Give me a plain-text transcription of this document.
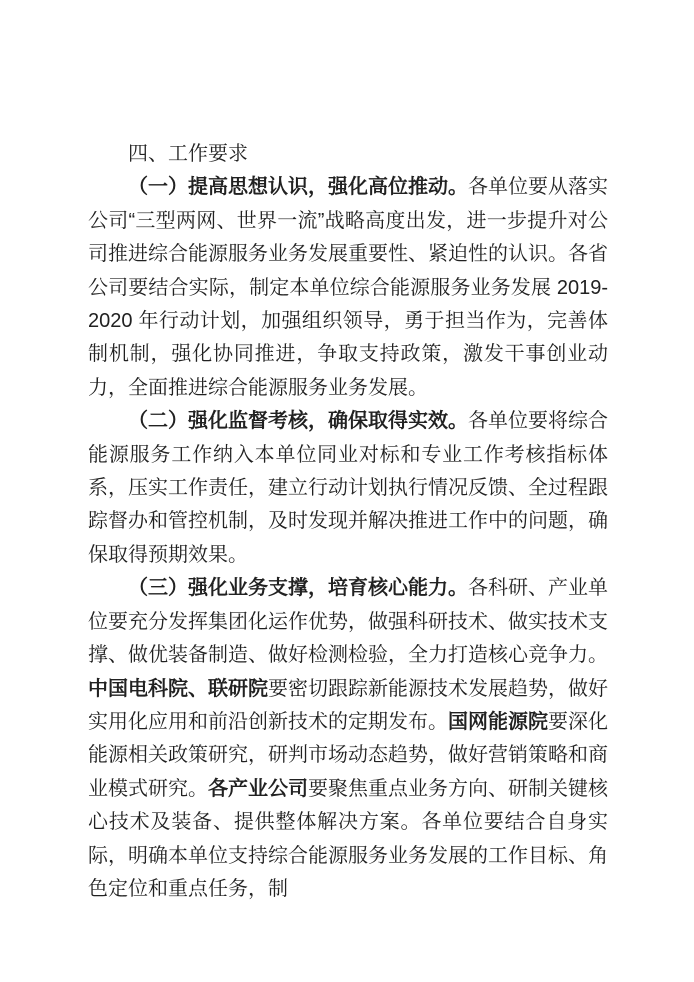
四、工作要求

（一）提高思想认识，强化高位推动。各单位要从落实公司“三型两网、世界一流”战略高度出发，进一步提升对公司推进综合能源服务业务发展重要性、紧迫性的认识。各省公司要结合实际，制定本单位综合能源服务业务发展 2019-2020 年行动计划，加强组织领导，勇于担当作为，完善体制机制，强化协同推进，争取支持政策，激发干事创业动力，全面推进综合能源服务业务发展。

（二）强化监督考核，确保取得实效。各单位要将综合能源服务工作纳入本单位同业对标和专业工作考核指标体系，压实工作责任，建立行动计划执行情况反馈、全过程跟踪督办和管控机制，及时发现并解决推进工作中的问题，确保取得预期效果。

（三）强化业务支撑，培育核心能力。各科研、产业单位要充分发挥集团化运作优势，做强科研技术、做实技术支撑、做优装备制造、做好检测检验，全力打造核心竞争力。中国电科院、联研院要密切跟踪新能源技术发展趋势，做好实用化应用和前沿创新技术的定期发布。国网能源院要深化能源相关政策研究，研判市场动态趋势，做好营销策略和商业模式研究。各产业公司要聚焦重点业务方向、研制关键核心技术及装备、提供整体解决方案。各单位要结合自身实际，明确本单位支持综合能源服务业务发展的工作目标、角色定位和重点任务，制
